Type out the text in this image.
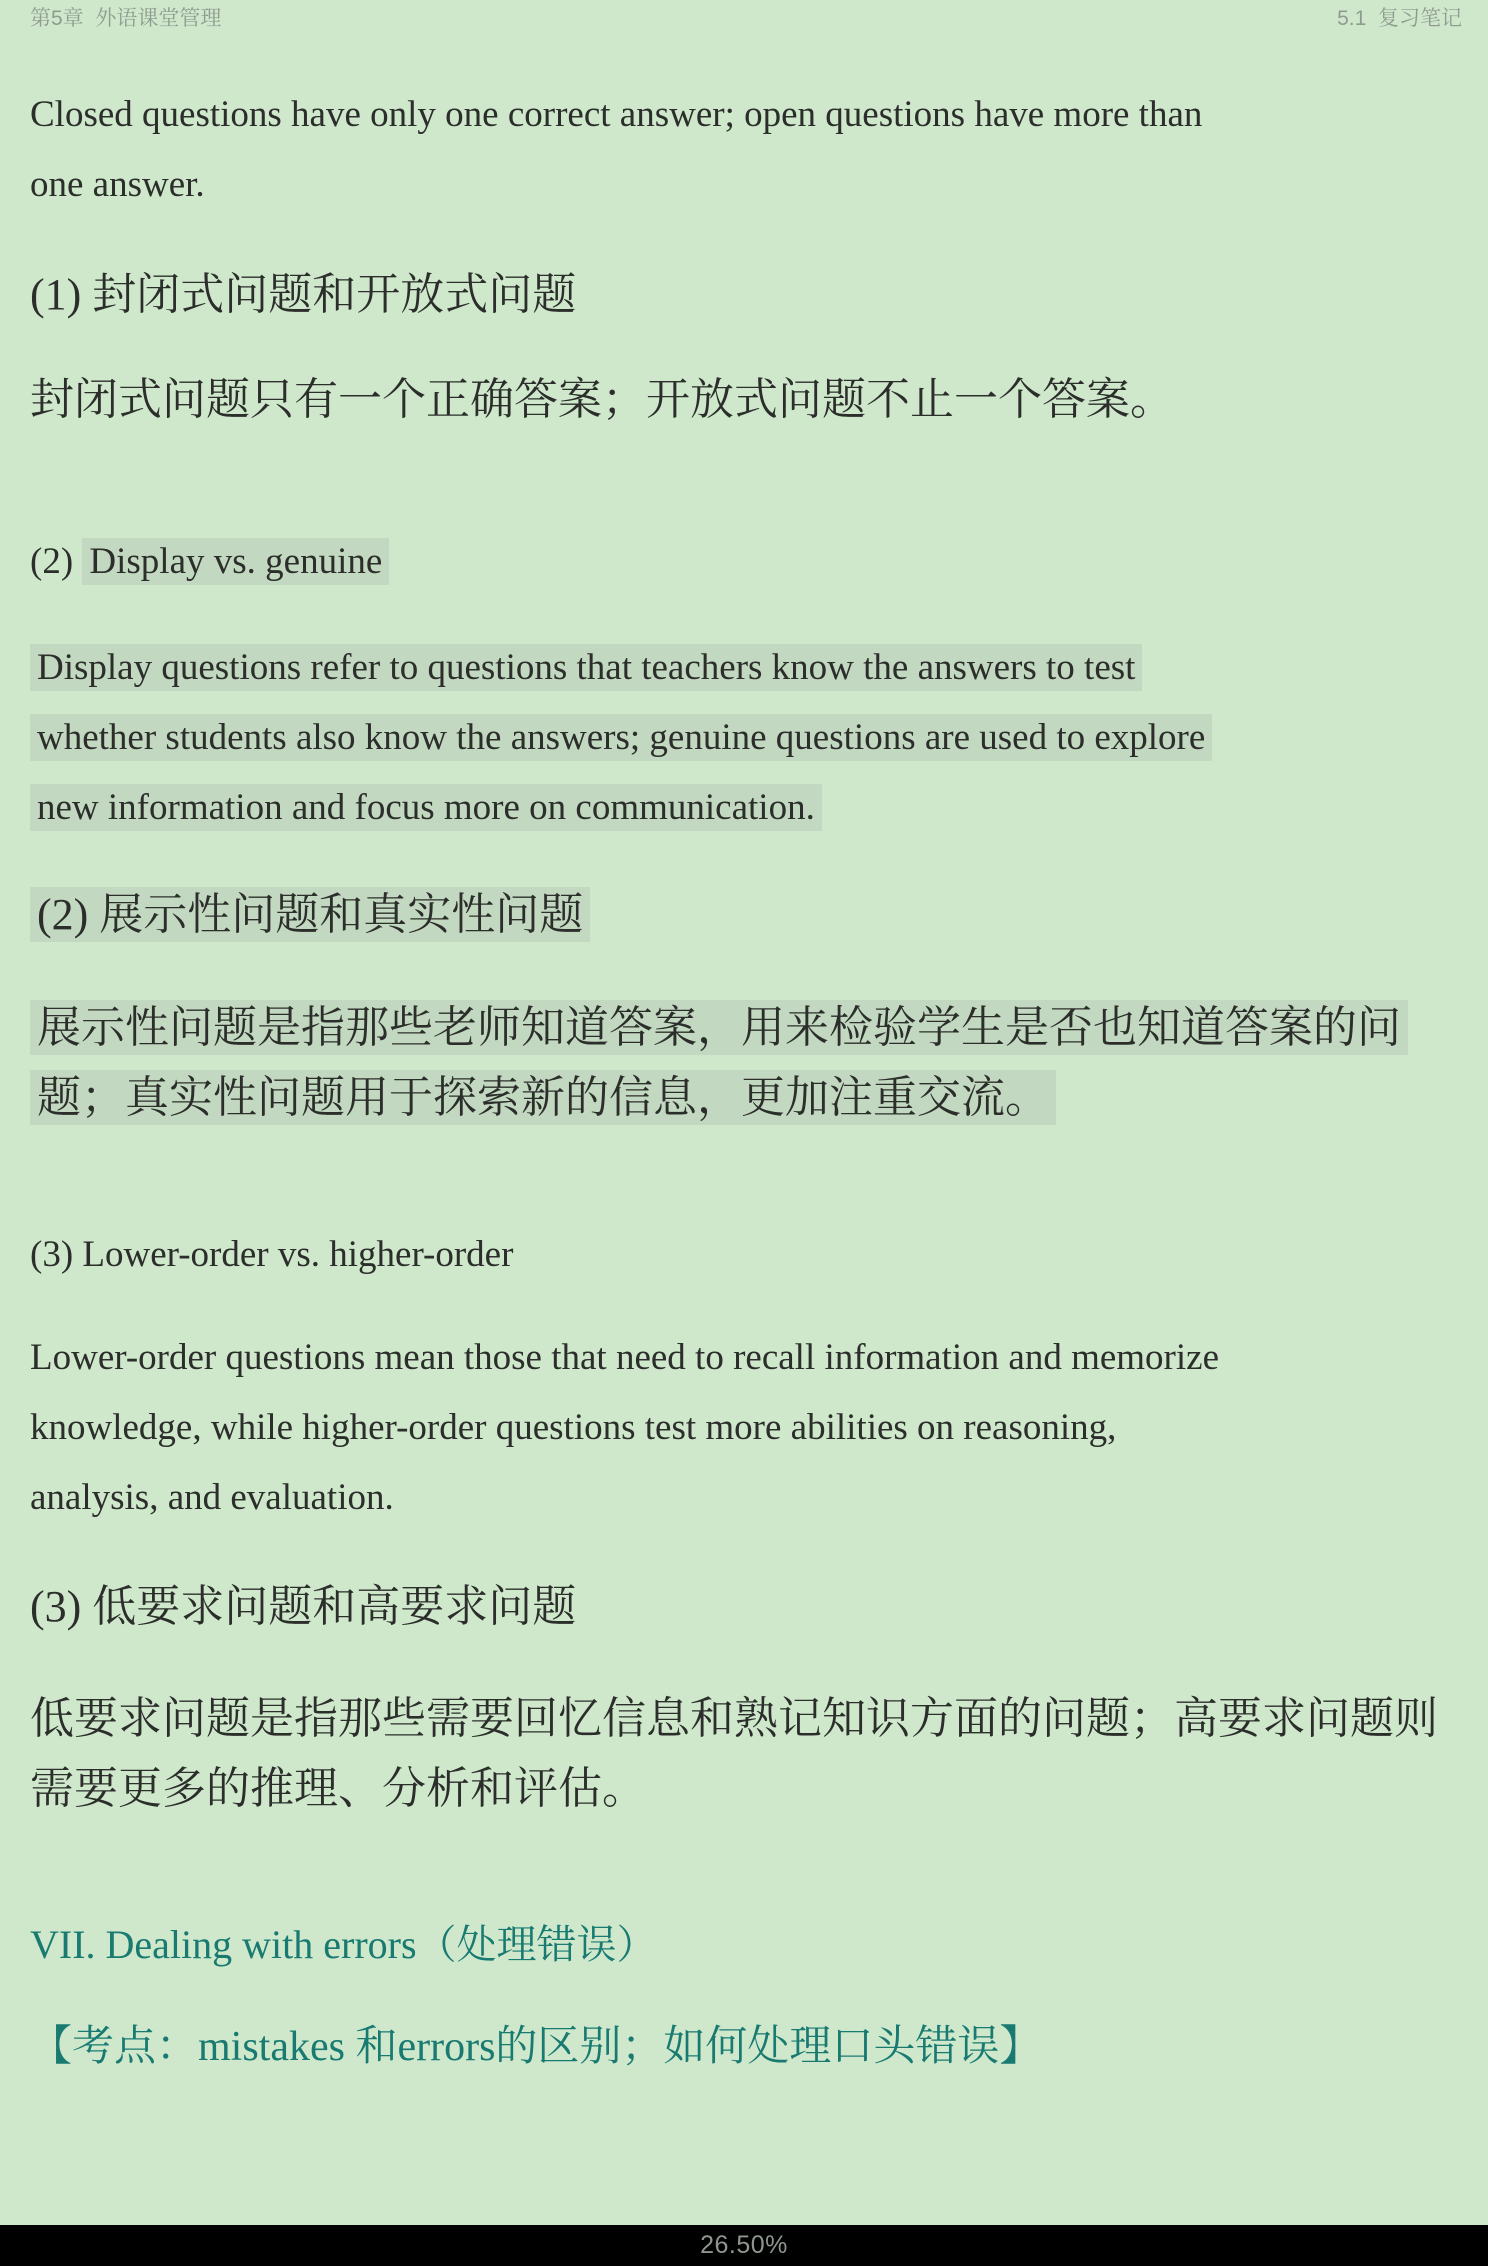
第5章  外语课堂管理	5.1  复习笔记
Closed questions have only one correct answer; open questions have more than
one answer.
(1) 封闭式问题和开放式问题
封闭式问题只有一个正确答案；开放式问题不止一个答案。
(2) Display vs. genuine
Display questions refer to questions that teachers know the answers to test
whether students also know the answers; genuine questions are used to explore
new information and focus more on communication.
(2) 展示性问题和真实性问题
展示性问题是指那些老师知道答案，用来检验学生是否也知道答案的问
题；真实性问题用于探索新的信息，更加注重交流。
(3) Lower-order vs. higher-order
Lower-order questions mean those that need to recall information and memorize
knowledge, while higher-order questions test more abilities on reasoning,
analysis, and evaluation.
(3) 低要求问题和高要求问题
低要求问题是指那些需要回忆信息和熟记知识方面的问题；高要求问题则
需要更多的推理、分析和评估。
VII. Dealing with errors（处理错误）
【考点：mistakes 和errors的区别；如何处理口头错误】
26.50%
